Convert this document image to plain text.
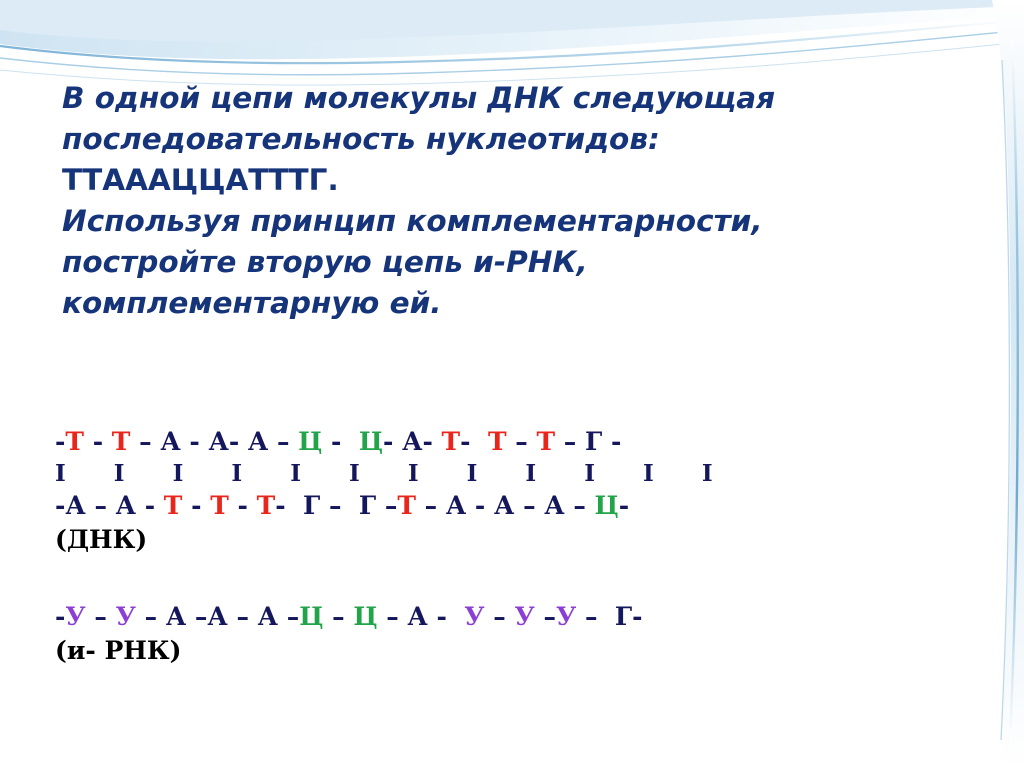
В одной цепи молекулы ДНК следующая
последовательность нуклеотидов:
ТТАААЦЦАТТТГ.
Используя принцип комплементарности,
постройте вторую цепь и-РНК,
комплементарную ей.
-Т - Т – А - А- А – Ц -  Ц- А- Т-  Т – Т – Г -
I      I      I      I      I      I      I      I      I      I      I      I
-А – А - Т - Т - Т-  Г –  Г –Т – А - А – А – Ц-
(ДНК)
-У – У – А –А – А –Ц – Ц – А -  У – У –У –  Г-
(и- РНК)
